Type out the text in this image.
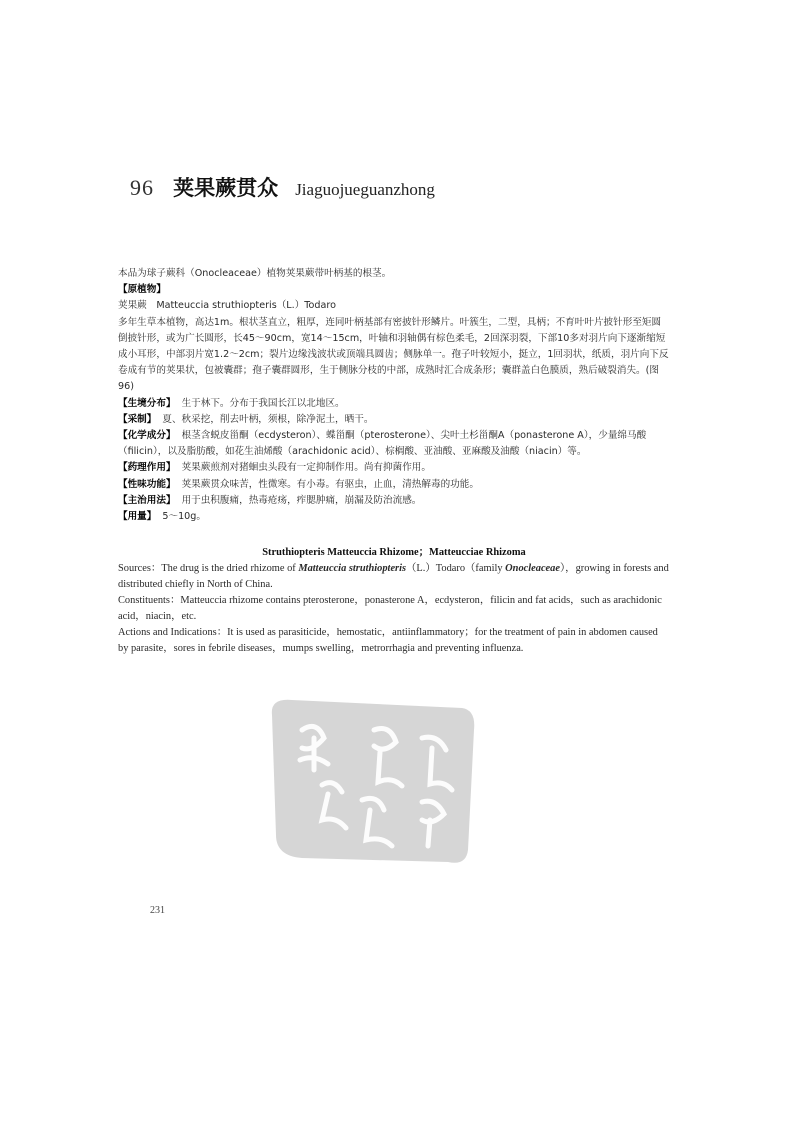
96 荚果蕨贯众 Jiaguojueguanzhong

本品为球子蕨科（Onocleaceae）植物荚果蕨带叶柄基的根茎。

【原植物】

荚果蕨　Matteuccia struthiopteris（L.）Todaro

多年生草本植物，高达1m。根状茎直立，粗厚，连同叶柄基部有密披针形鳞片。叶簇生，二型，具柄；不育叶叶片披针形至矩圆倒披针形，或为广长圆形，长45～90cm，宽14～15cm，叶轴和羽轴偶有棕色柔毛，2回深羽裂，下部10多对羽片向下逐渐缩短成小耳形，中部羽片宽1.2～2cm；裂片边缘浅波状或顶端具圆齿；侧脉单一。孢子叶较短小，挺立，1回羽状，纸质，羽片向下反卷成有节的荚果状，包被囊群；孢子囊群圆形，生于侧脉分枝的中部，成熟时汇合成条形；囊群盖白色膜质，熟后破裂消失。(图96)

【生境分布】 生于林下。分布于我国长江以北地区。

【采制】 夏、秋采挖，削去叶柄，须根，除净泥土，晒干。

【化学成分】 根茎含蜕皮甾酮（ecdysteron）、蝶甾酮（pterosterone）、尖叶土杉甾酮A（ponasterone A），少量绵马酸（filicin），以及脂肪酸，如花生油烯酸（arachidonic acid）、棕榈酸、亚油酸、亚麻酸及油酸（niacin）等。

【药理作用】 荚果蕨煎剂对猪蛔虫头段有一定抑制作用。尚有抑菌作用。

【性味功能】 荚果蕨贯众味苦，性微寒。有小毒。有驱虫，止血，清热解毒的功能。

【主治用法】 用于虫积腹痛，热毒疮疡，痄腮肿痛，崩漏及防治流感。

【用量】 5～10g。

Struthiopteris Matteuccia Rhizome；Matteucciae Rhizoma

Sources：The drug is the dried rhizome of Matteuccia struthiopteris（L.）Todaro（family Onocleaceae），growing in forests and distributed chiefly in North of China.

Constituents：Matteuccia rhizome contains pterosterone，ponasterone A，ecdysteron，filicin and fat acids，such as arachidonic acid，niacin，etc.

Actions and Indications：It is used as parasiticide，hemostatic，antiinflammatory；for the treatment of pain in abdomen caused by parasite，sores in febrile diseases，mumps swelling，metrorrhagia and preventing influenza.

231
